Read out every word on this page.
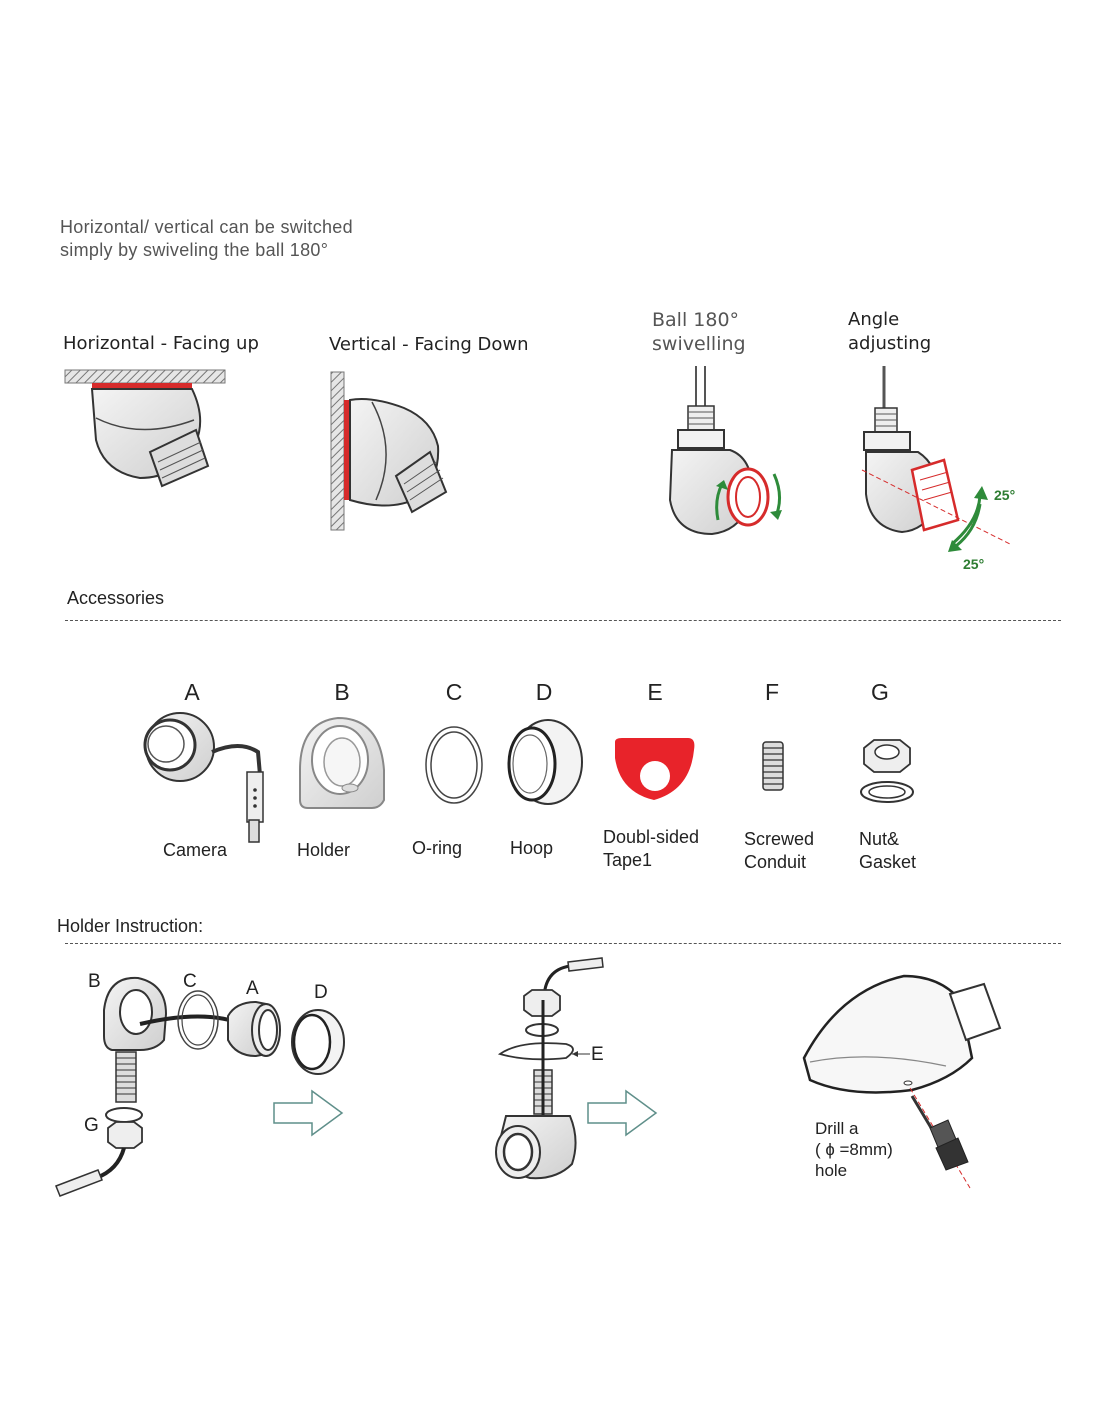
Horizontal/ vertical can be switched
simply by swiveling the ball 180°
Horizontal - Facing up	Vertical - Facing Down
Ball 180°
swivelling
Angle
adjusting
25°
25°
Accessories
Holder Instruction:
A	B	C	D	E	F	G
Camera	Holder	O-ring	Hoop
Doubl-sided
Tape1
Screwed
Conduit
Nut&
Gasket
B	C	A	D
G
E
Drill a
( ɸ =8mm)
hole
